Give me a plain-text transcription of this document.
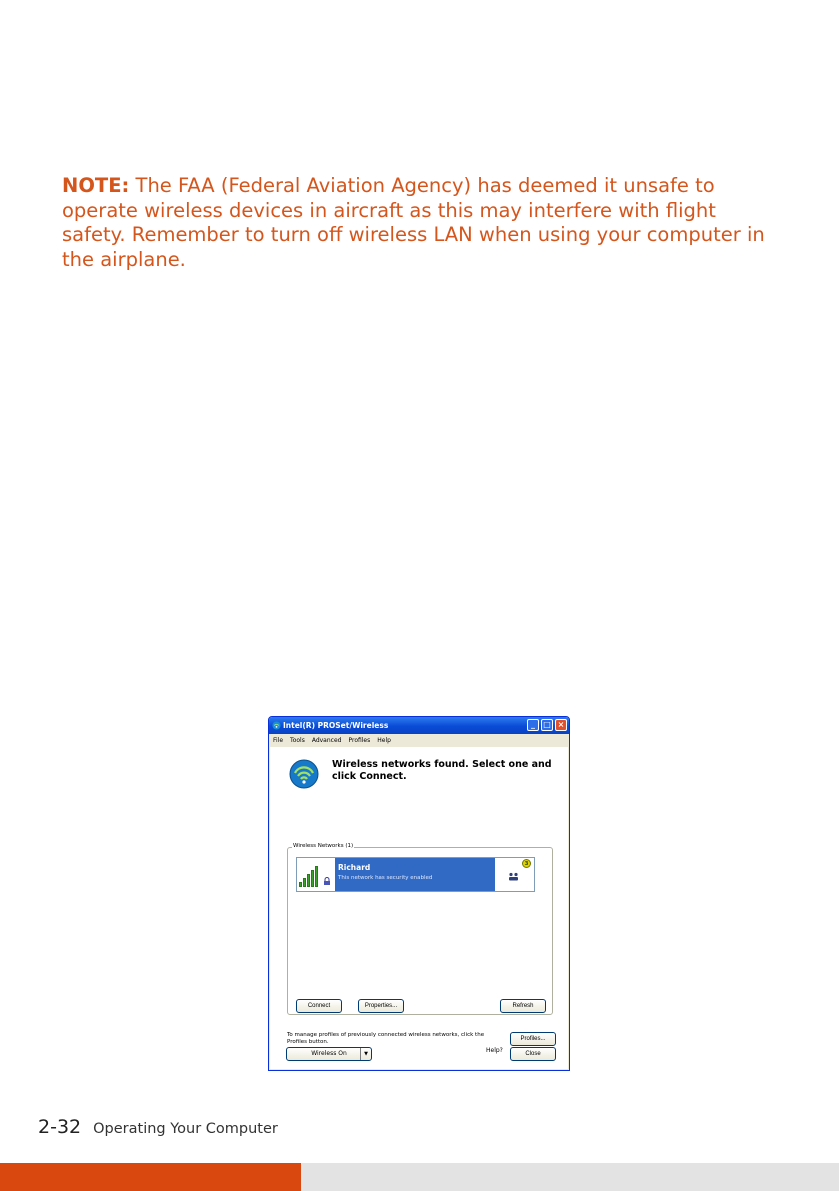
NOTE: The FAA (Federal Aviation Agency) has deemed it unsafe to operate wireless devices in aircraft as this may interfere with flight safety. Remember to turn off wireless LAN when using your computer in the airplane.
Intel(R) PROSet/Wireless	_	□ ×
File Tools Advanced Profiles Help
Wireless networks found. Select one and click Connect.
Wireless Networks (1)
Richard
This network has security enabled
3
Connect	Properties...	Refresh
To manage profiles of previously connected wireless networks, click the Profiles button.	Profiles...
Wireless On	▼	Help?	Close
2-32 Operating Your Computer
